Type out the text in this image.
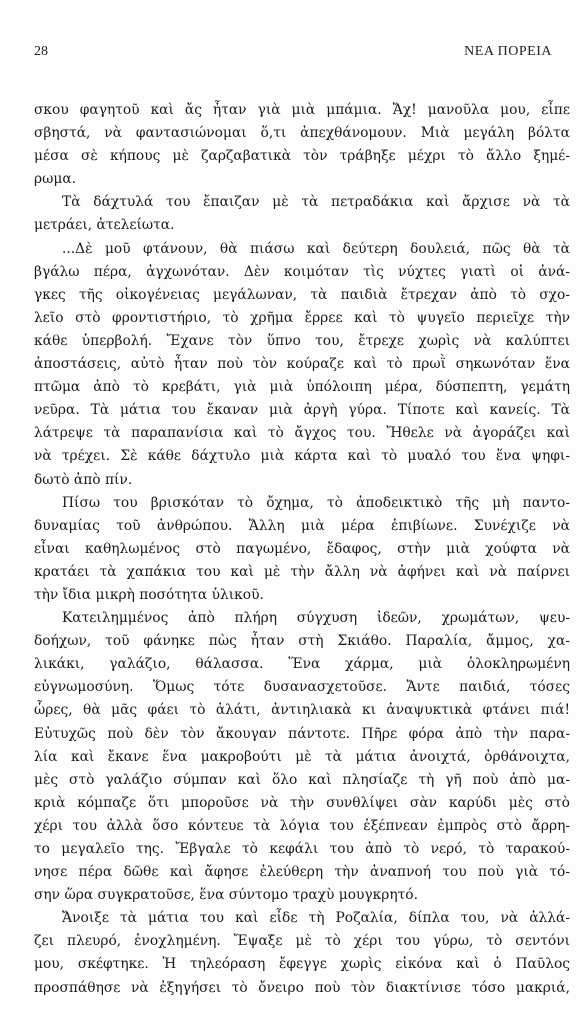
28	ΝΕΑ ΠΟΡΕΙΑ
σκου φαγητοῦ καὶ ἄς ἦταν γιὰ μιὰ μπάμια. Ἄχ! μανοῦλα μου, εἶπε
σβηστά, νὰ φαντασιώνομαι ὅ,τι ἀπεχθάνομουν. Μιὰ μεγάλη βόλτα
μέσα σὲ κήπους μὲ ζαρζαβατικὰ τὸν τράβηξε μέχρι τὸ ἄλλο ξημέ-
ρωμα.
Τὰ δάχτυλά του ἔπαιζαν μὲ τὰ πετραδάκια καὶ ἄρχισε νὰ τὰ
μετράει, ἀτελείωτα.
...Δὲ μοῦ φτάνουν, θὰ πιάσω καὶ δεύτερη δουλειά, πῶς θὰ τὰ
βγάλω πέρα, ἀγχωνόταν. Δὲν κοιμόταν τὶς νύχτες γιατὶ οἱ ἀνά-
γκες τῆς οἰκογένειας μεγάλωναν, τὰ παιδιὰ ἔτρεχαν ἀπὸ τὸ σχο-
λεῖο στὸ φροντιστήριο, τὸ χρῆμα ἔρρεε καὶ τὸ ψυγεῖο περιεῖχε τὴν
κάθε ὑπερβολή. Ἔχανε τὸν ὕπνο του, ἔτρεχε χωρὶς νὰ καλύπτει
ἀποστάσεις, αὐτὸ ἦταν ποὺ τὸν κούραζε καὶ τὸ πρωῒ σηκωνόταν ἕνα
πτῶμα ἀπὸ τὸ κρεβάτι, γιὰ μιὰ ὑπόλοιπη μέρα, δύσπεπτη, γεμάτη
νεῦρα. Τὰ μάτια του ἔκαναν μιὰ ἀργὴ γύρα. Τίποτε καὶ κανείς. Τὰ
λάτρεψε τὰ παραπανίσια καὶ τὸ ἄγχος του. Ἤθελε νὰ ἀγοράζει καὶ
νὰ τρέχει. Σὲ κάθε δάχτυλο μιὰ κάρτα καὶ τὸ μυαλό του ἕνα ψηφι-
δωτὸ ἀπὸ πίν.
Πίσω του βρισκόταν τὸ ὄχημα, τὸ ἀποδεικτικὸ τῆς μὴ παντο-
δυναμίας τοῦ ἀνθρώπου. Ἄλλη μιὰ μέρα ἐπιβίωνε. Συνέχιζε νὰ
εἶναι καθηλωμένος στὸ παγωμένο, ἔδαφος, στὴν μιὰ χούφτα νὰ
κρατάει τὰ χαπάκια του καὶ μὲ τὴν ἄλλη νὰ ἀφήνει καὶ νὰ παίρνει
τὴν ἴδια μικρὴ ποσότητα ὑλικοῦ.
Κατειλημμένος ἀπὸ πλήρη σύγχυση ἰδεῶν, χρωμάτων, ψευ-
δοήχων, τοῦ φάνηκε πὼς ἦταν στὴ Σκιάθο. Παραλία, ἄμμος, χα-
λικάκι, γαλάζιο, θάλασσα. Ἕνα χάρμα, μιὰ ὁλοκληρωμένη
εὐγνωμοσύνη. Ὅμως τότε δυσανασχετοῦσε. Ἄντε παιδιά, τόσες
ὧρες, θὰ μᾶς φάει τὸ ἁλάτι, ἀντιηλιακὰ κι ἀναψυκτικὰ φτάνει πιά!
Εὐτυχῶς ποὺ δὲν τὸν ἄκουγαν πάντοτε. Πῆρε φόρα ἀπὸ τὴν παρα-
λία καὶ ἔκανε ἕνα μακροβούτι μὲ τὰ μάτια ἀνοιχτά, ὀρθάνοιχτα,
μὲς στὸ γαλάζιο σύμπαν καὶ ὅλο καὶ πλησίαζε τὴ γῆ ποὺ ἀπὸ μα-
κριὰ κόμπαζε ὅτι μποροῦσε νὰ τὴν συνθλίψει σὰν καρύδι μὲς στὸ
χέρι του ἀλλὰ ὅσο κόντευε τὰ λόγια του ἐξέπνεαν ἐμπρὸς στὸ ἄρρη-
το μεγαλεῖο της. Ἔβγαλε τὸ κεφάλι του ἀπὸ τὸ νερό, τὸ ταρακού-
νησε πέρα δῶθε καὶ ἄφησε ἐλεύθερη τὴν ἀναπνοή του ποὺ γιὰ τό-
σην ὥρα συγκρατοῦσε, ἕνα σύντομο τραχὺ μουγκρητό.
Ἄνοιξε τὰ μάτια του καὶ εἶδε τὴ Ροζαλία, δίπλα του, νὰ ἀλλά-
ζει πλευρό, ἐνοχλημένη. Ἔψαξε μὲ τὸ χέρι του γύρω, τὸ σεντόνι
μου, σκέφτηκε. Ἡ τηλεόραση ἔφεγγε χωρὶς εἰκόνα καὶ ὁ Παῦλος
προσπάθησε νὰ ἐξηγήσει τὸ ὄνειρο ποὺ τὸν διακτίνισε τόσο μακριά,
